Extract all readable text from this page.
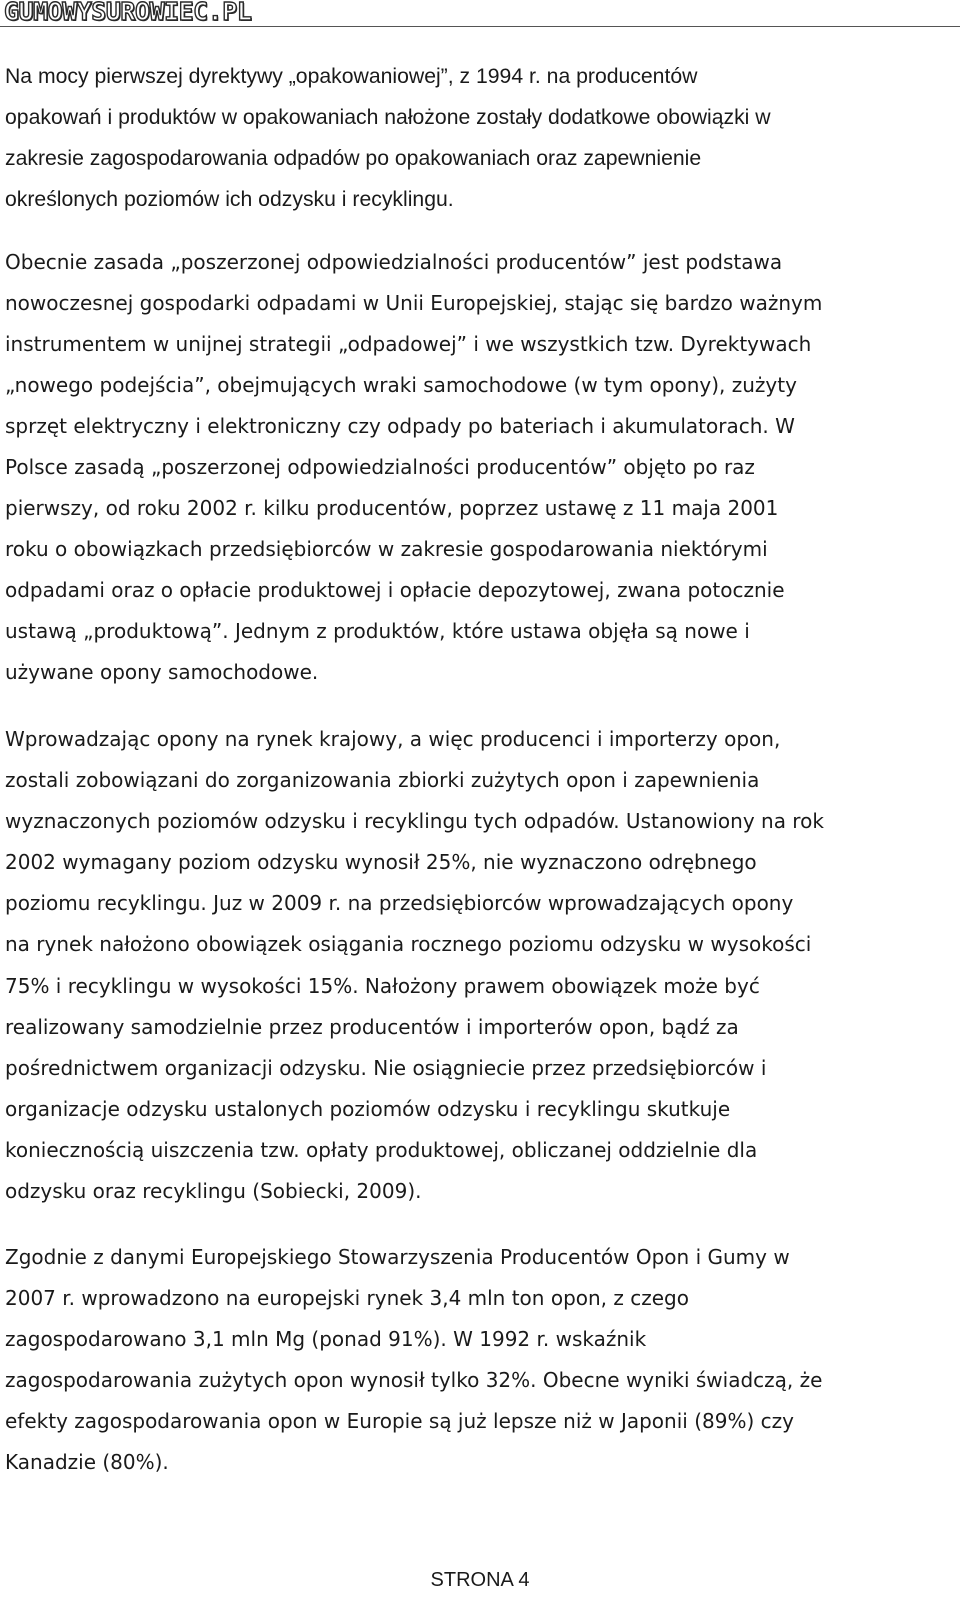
GUMOWYSUROWIEC.PL
Na mocy pierwszej dyrektywy „opakowaniowej”, z 1994 r. na producentów
opakowań i produktów w opakowaniach nałożone zostały dodatkowe obowiązki w
zakresie zagospodarowania odpadów po opakowaniach oraz zapewnienie
określonych poziomów ich odzysku i recyklingu.
Obecnie zasada „poszerzonej odpowiedzialności producentów” jest podstawa
nowoczesnej gospodarki odpadami w Unii Europejskiej, stając się bardzo ważnym
instrumentem w unijnej strategii „odpadowej” i we wszystkich tzw. Dyrektywach
„nowego podejścia”, obejmujących wraki samochodowe (w tym opony), zużyty
sprzęt elektryczny i elektroniczny czy odpady po bateriach i akumulatorach. W
Polsce zasadą „poszerzonej odpowiedzialności producentów” objęto po raz
pierwszy, od roku 2002 r. kilku producentów, poprzez ustawę z 11 maja 2001
roku o obowiązkach przedsiębiorców w zakresie gospodarowania niektórymi
odpadami oraz o opłacie produktowej i opłacie depozytowej, zwana potocznie
ustawą „produktową”. Jednym z produktów, które ustawa objęła są nowe i
używane opony samochodowe.
Wprowadzając opony na rynek krajowy, a więc producenci i importerzy opon,
zostali zobowiązani do zorganizowania zbiorki zużytych opon i zapewnienia
wyznaczonych poziomów odzysku i recyklingu tych odpadów. Ustanowiony na rok
2002 wymagany poziom odzysku wynosił 25%, nie wyznaczono odrębnego
poziomu recyklingu. Juz w 2009 r. na przedsiębiorców wprowadzających opony
na rynek nałożono obowiązek osiągania rocznego poziomu odzysku w wysokości
75% i recyklingu w wysokości 15%. Nałożony prawem obowiązek może być
realizowany samodzielnie przez producentów i importerów opon, bądź za
pośrednictwem organizacji odzysku. Nie osiągniecie przez przedsiębiorców i
organizacje odzysku ustalonych poziomów odzysku i recyklingu skutkuje
koniecznością uiszczenia tzw. opłaty produktowej, obliczanej oddzielnie dla
odzysku oraz recyklingu (Sobiecki, 2009).
Zgodnie z danymi Europejskiego Stowarzyszenia Producentów Opon i Gumy w
2007 r. wprowadzono na europejski rynek 3,4 mln ton opon, z czego
zagospodarowano 3,1 mln Mg (ponad 91%). W 1992 r. wskaźnik
zagospodarowania zużytych opon wynosił tylko 32%. Obecne wyniki świadczą, że
efekty zagospodarowania opon w Europie są już lepsze niż w Japonii (89%) czy
Kanadzie (80%).
STRONA 4
